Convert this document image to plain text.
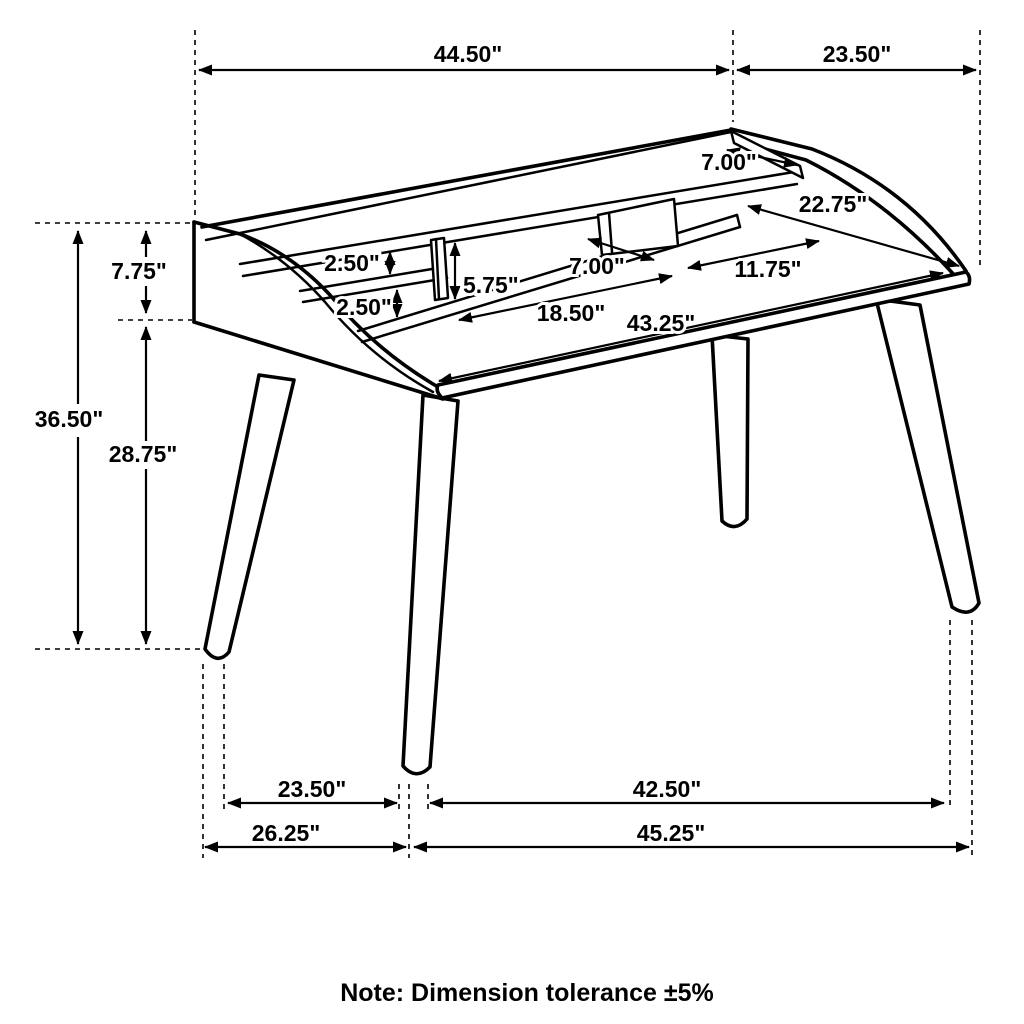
44.50"	23.50"
7.00"
22.75"
7.75"
36.50"
28.75"
2.50"
2.50"
5.75"
7.00"	11.75"
18.50" 43.25"
23.50"	42.50"
26.25"	45.25"
Note: Dimension tolerance ±5%
